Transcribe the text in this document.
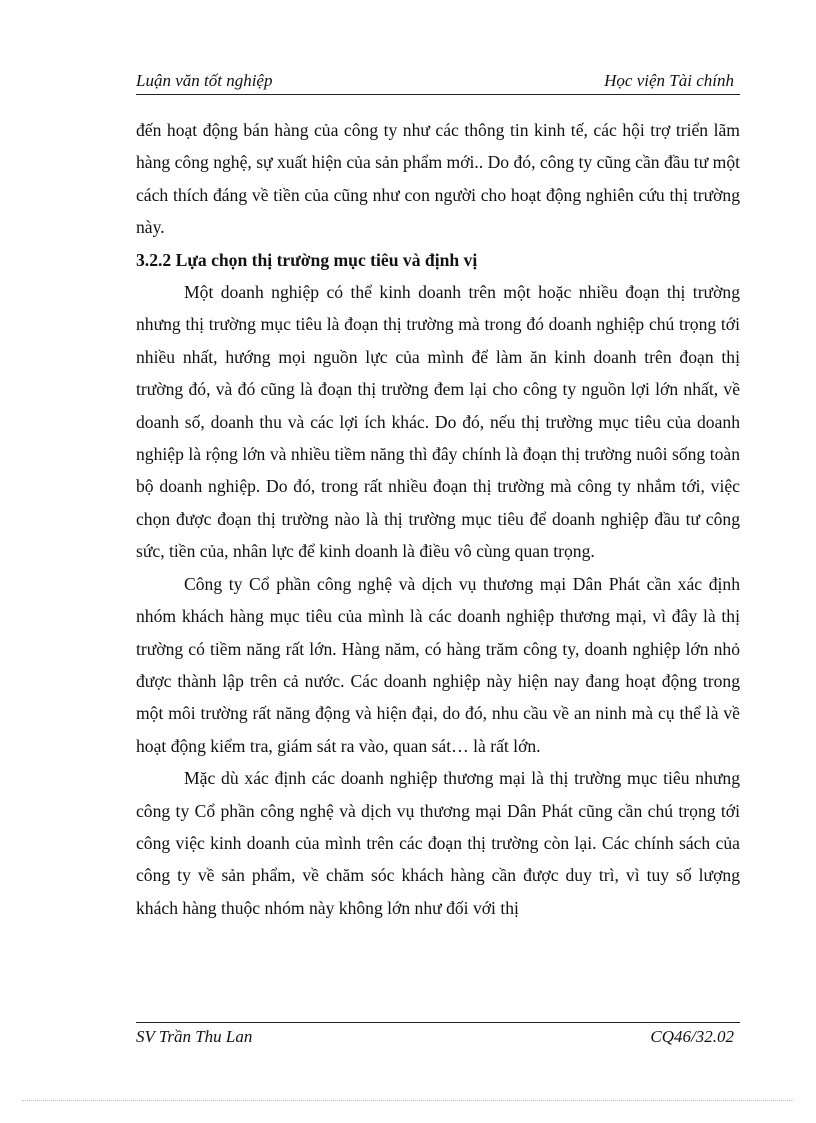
Luận văn tốt nghiệp	Học viện Tài chính

đến hoạt động bán hàng của công ty như các thông tin kinh tế, các hội trợ triển lãm hàng công nghệ, sự xuất hiện của sản phẩm mới.. Do đó, công ty cũng cần đầu tư một cách thích đáng về tiền của cũng như con người cho hoạt động nghiên cứu thị trường này.

3.2.2 Lựa chọn thị trường mục tiêu và định vị

Một doanh nghiệp có thể kinh doanh trên một hoặc nhiều đoạn thị trường nhưng thị trường mục tiêu là đoạn thị trường mà trong đó doanh nghiệp chú trọng tới nhiều nhất, hướng mọi nguồn lực của mình để làm ăn kinh doanh trên đoạn thị trường đó, và đó cũng là đoạn thị trường đem lại cho công ty nguồn lợi lớn nhất, về doanh số, doanh thu và các lợi ích khác. Do đó, nếu thị trường mục tiêu của doanh nghiệp là rộng lớn và nhiều tiềm năng thì đây chính là đoạn thị trường nuôi sống toàn bộ doanh nghiệp. Do đó, trong rất nhiều đoạn thị trường mà công ty nhắm tới, việc chọn được đoạn thị trường nào là thị trường mục tiêu để doanh nghiệp đầu tư công sức, tiền của, nhân lực để kinh doanh là điều vô cùng quan trọng.

Công ty Cổ phần công nghệ và dịch vụ thương mại Dân Phát cần xác định nhóm khách hàng mục tiêu của mình là các doanh nghiệp thương mại, vì đây là thị trường có tiềm năng rất lớn. Hàng năm, có hàng trăm công ty, doanh nghiệp lớn nhỏ được thành lập trên cả nước. Các doanh nghiệp này hiện nay đang hoạt động trong một môi trường rất năng động và hiện đại, do đó, nhu cầu về an ninh mà cụ thể là về hoạt động kiểm tra, giám sát ra vào, quan sát… là rất lớn.

Mặc dù xác định các doanh nghiệp thương mại là thị trường mục tiêu nhưng công ty Cổ phần công nghệ và dịch vụ thương mại Dân Phát cũng cần chú trọng tới công việc kinh doanh của mình trên các đoạn thị trường còn lại. Các chính sách của công ty về sản phẩm, về chăm sóc khách hàng cần được duy trì, vì tuy số lượng khách hàng thuộc nhóm này không lớn như đối với thị

SV Trần Thu Lan	CQ46/32.02
